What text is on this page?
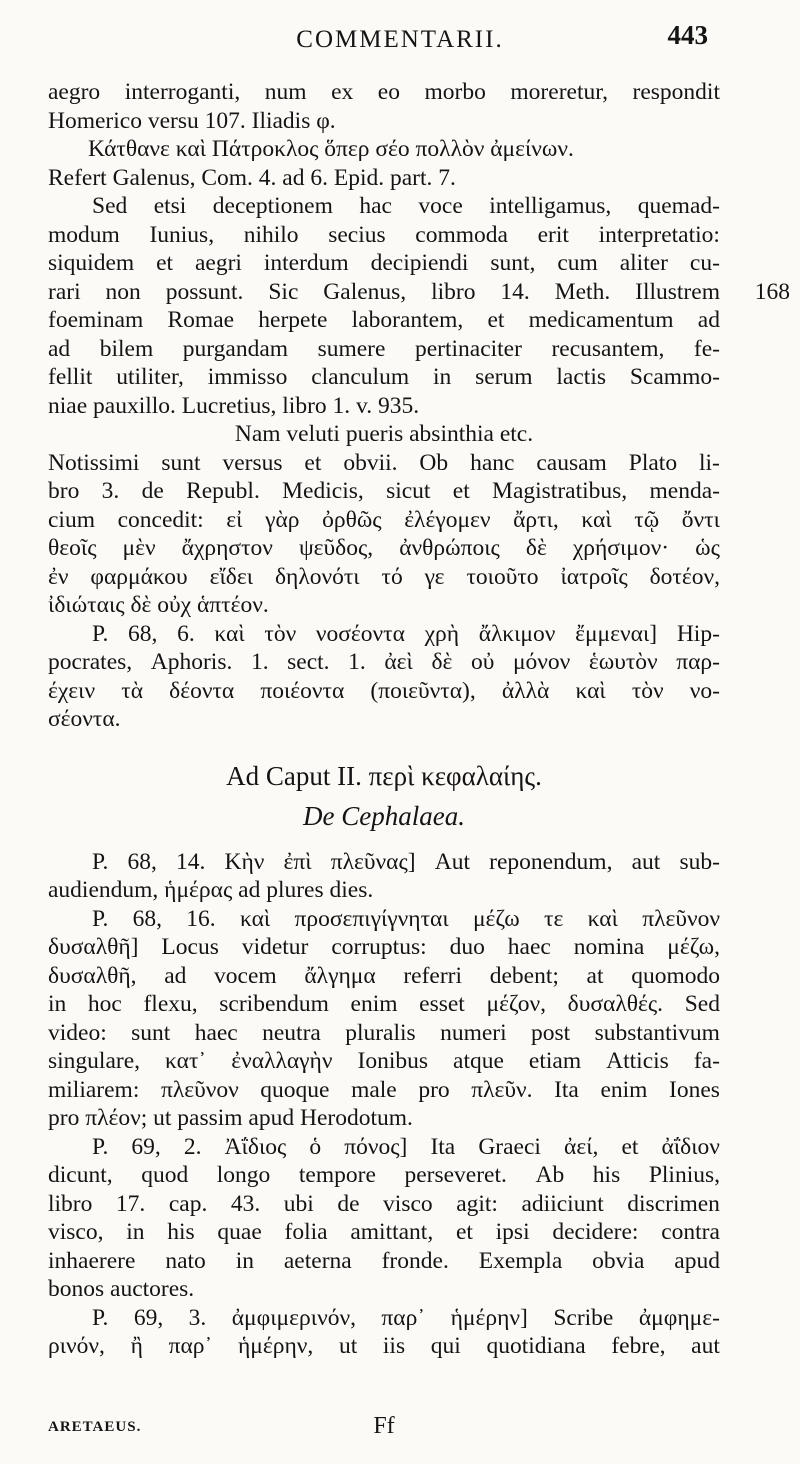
COMMENTARII.	443
aegro interroganti, num ex eo morbo moreretur, respondit
Homerico versu 107. Iliadis φ.
Κάτθανε καὶ Πάτροκλος ὅπερ σέο πολλὸν ἀμείνων.
Refert Galenus, Com. 4. ad 6. Epid. part. 7.
Sed etsi deceptionem hac voce intelligamus, quemad-
modum Iunius, nihilo secius commoda erit interpretatio:
siquidem et aegri interdum decipiendi sunt, cum aliter cu-
rari non possunt. Sic Galenus, libro 14. Meth. Illustrem 168
foeminam Romae herpete laborantem, et medicamentum ad
ad bilem purgandam sumere pertinaciter recusantem, fe-
fellit utiliter, immisso clanculum in serum lactis Scammo-
niae pauxillo. Lucretius, libro 1. v. 935.
Nam veluti pueris absinthia etc.
Notissimi sunt versus et obvii. Ob hanc causam Plato li-
bro 3. de Republ. Medicis, sicut et Magistratibus, menda-
cium concedit: εἰ γὰρ ὀρθῶς ἐλέγομεν ἄρτι, καὶ τῷ ὄντι
θεοῖς μὲν ἄχρηστον ψεῦδος, ἀνθρώποις δὲ χρήσιμον· ὡς
ἐν φαρμάκου εἴδει δηλονότι τό γε τοιοῦτο ἰατροῖς δοτέον,
ἰδιώταις δὲ οὐχ ἁπτέον.
P. 68, 6. καὶ τὸν νοσέοντα χρὴ ἄλκιμον ἔμμεναι] Hip-
pocrates, Aphoris. 1. sect. 1. ἀεὶ δὲ οὐ μόνον ἑωυτὸν παρ-
έχειν τὰ δέοντα ποιέοντα (ποιεῦντα), ἀλλὰ καὶ τὸν νο-
σέοντα.
Ad Caput II. περὶ κεφαλαίης.
De Cephalaea.
P. 68, 14. Κὴν ἐπὶ πλεῦνας] Aut reponendum, aut sub-
audiendum, ἡμέρας ad plures dies.
P. 68, 16. καὶ προσεπιγίγνηται μέζω τε καὶ πλεῦνον
δυσαλθῆ] Locus videtur corruptus: duo haec nomina μέζω,
δυσαλθῆ, ad vocem ἄλγημα referri debent; at quomodo
in hoc flexu, scribendum enim esset μέζον, δυσαλθές. Sed
video: sunt haec neutra pluralis numeri post substantivum
singulare, κατ᾽ ἐναλλαγὴν Ionibus atque etiam Atticis fa-
miliarem: πλεῦνον quoque male pro πλεῦν. Ita enim Iones
pro πλέον; ut passim apud Herodotum.
P. 69, 2. Ἀΐδιος ὁ πόνος] Ita Graeci ἀεί, et ἀΐδιον
dicunt, quod longo tempore perseveret. Ab his Plinius,
libro 17. cap. 43. ubi de visco agit: adiiciunt discrimen
visco, in his quae folia amittant, et ipsi decidere: contra
inhaerere nato in aeterna fronde. Exempla obvia apud
bonos auctores.
P. 69, 3. ἀμφιμερινόν, παρ᾽ ἡμέρην] Scribe ἀμφημε-
ρινόν, ἢ παρ᾽ ἡμέρην, ut iis qui quotidiana febre, aut
ARETAEUS.	Ff
